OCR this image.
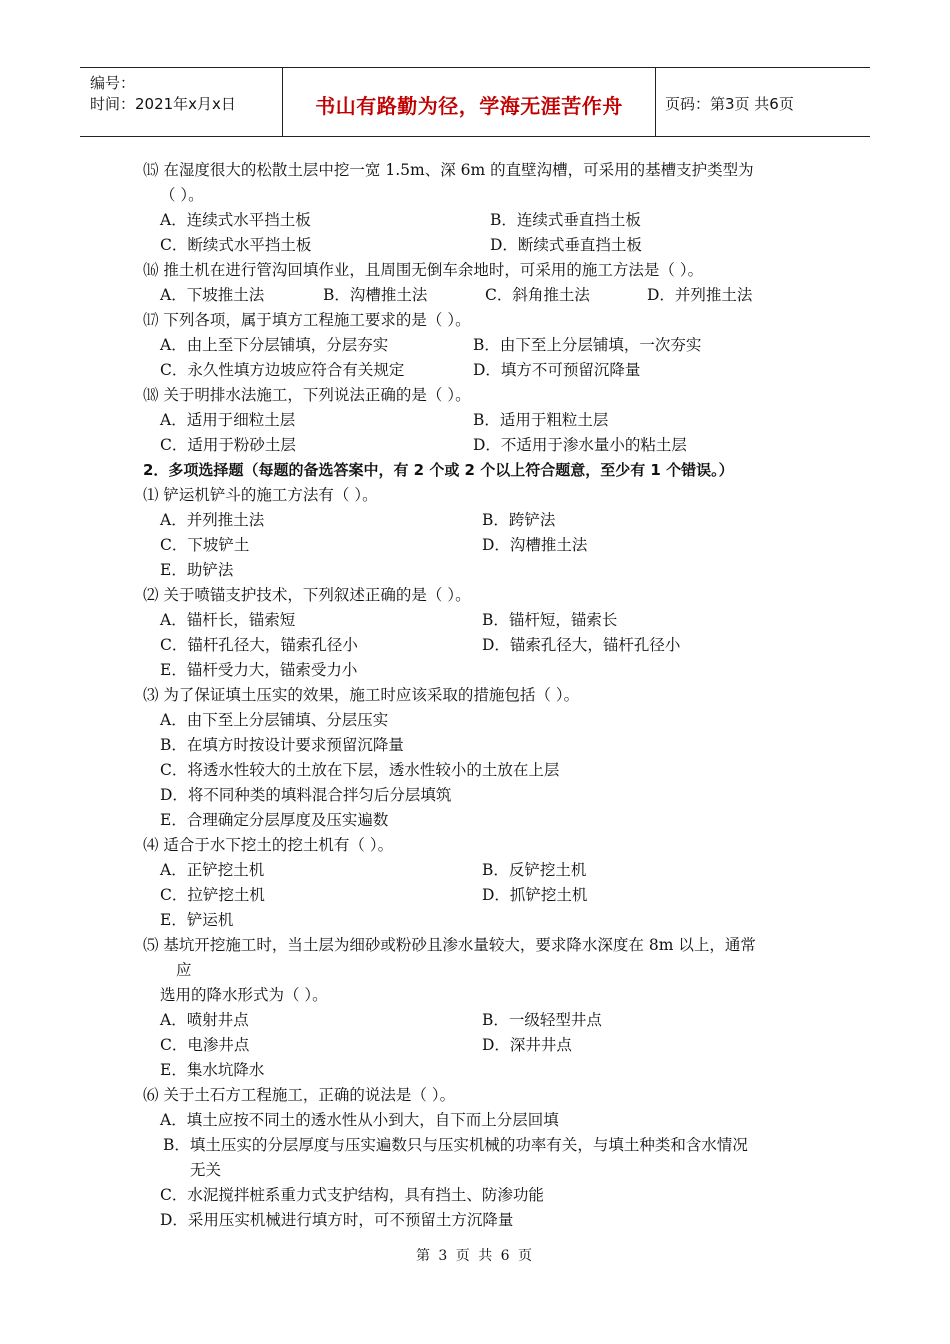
编号：
时间：2021年x月x日	书山有路勤为径，学海无涯苦作舟	页码：第3页 共6页
⒂ 在湿度很大的松散土层中挖一宽 1.5m、深 6m 的直壁沟槽，可采用的基槽支护类型为
（ ）。
A．连续式水平挡土板	B．连续式垂直挡土板
C．断续式水平挡土板	D．断续式垂直挡土板
⒃ 推土机在进行管沟回填作业，且周围无倒车余地时，可采用的施工方法是（ ）。
A．下坡推土法	B．沟槽推土法	C．斜角推土法	D．并列推土法
⒄ 下列各项，属于填方工程施工要求的是（ ）。
A．由上至下分层铺填，分层夯实	B．由下至上分层铺填，一次夯实
C．永久性填方边坡应符合有关规定	D．填方不可预留沉降量
⒅ 关于明排水法施工，下列说法正确的是（ ）。
A．适用于细粒土层	B．适用于粗粒土层
C．适用于粉砂土层	D．不适用于渗水量小的粘土层
2．多项选择题（每题的备选答案中，有 2 个或 2 个以上符合题意，至少有 1 个错误。）
⑴ 铲运机铲斗的施工方法有（ ）。
A．并列推土法	B．跨铲法
C．下坡铲土	D．沟槽推土法
E．助铲法
⑵ 关于喷锚支护技术，下列叙述正确的是（ ）。
A．锚杆长，锚索短	B．锚杆短，锚索长
C．锚杆孔径大，锚索孔径小	D．锚索孔径大，锚杆孔径小
E．锚杆受力大，锚索受力小
⑶ 为了保证填土压实的效果，施工时应该采取的措施包括（ ）。
A．由下至上分层铺填、分层压实
B．在填方时按设计要求预留沉降量
C．将透水性较大的土放在下层，透水性较小的土放在上层
D．将不同种类的填料混合拌匀后分层填筑
E．合理确定分层厚度及压实遍数
⑷ 适合于水下挖土的挖土机有（ ）。
A．正铲挖土机	B．反铲挖土机
C．拉铲挖土机	D．抓铲挖土机
E．铲运机
⑸ 基坑开挖施工时，当土层为细砂或粉砂且渗水量较大，要求降水深度在 8m 以上，通常
应
选用的降水形式为（ ）。
A．喷射井点	B．一级轻型井点
C．电渗井点	D．深井井点
E．集水坑降水
⑹ 关于土石方工程施工，正确的说法是（ ）。
A．填土应按不同土的透水性从小到大，自下而上分层回填
B．填土压实的分层厚度与压实遍数只与压实机械的功率有关，与填土种类和含水情况
无关
C．水泥搅拌桩系重力式支护结构，具有挡土、防渗功能
D．采用压实机械进行填方时，可不预留土方沉降量
第 3 页 共 6 页
